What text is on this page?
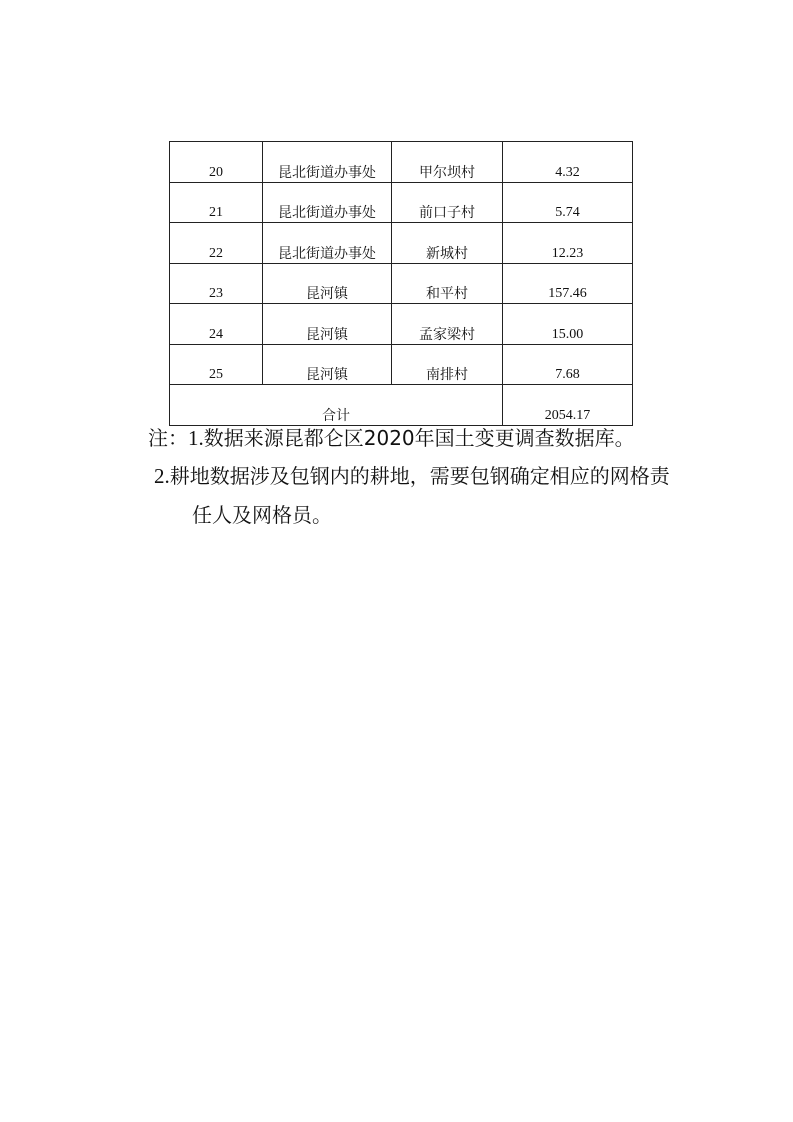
20	昆北街道办事处	甲尔坝村	4.32
21	昆北街道办事处	前口子村	5.74
22	昆北街道办事处	新城村	12.23
23	昆河镇	和平村	157.46
24	昆河镇	孟家梁村	15.00
25	昆河镇	南排村	7.68
合计			2054.17
注：1.数据来源昆都仑区2020年国土变更调查数据库。
2.耕地数据涉及包钢内的耕地，需要包钢确定相应的网格责
任人及网格员。
